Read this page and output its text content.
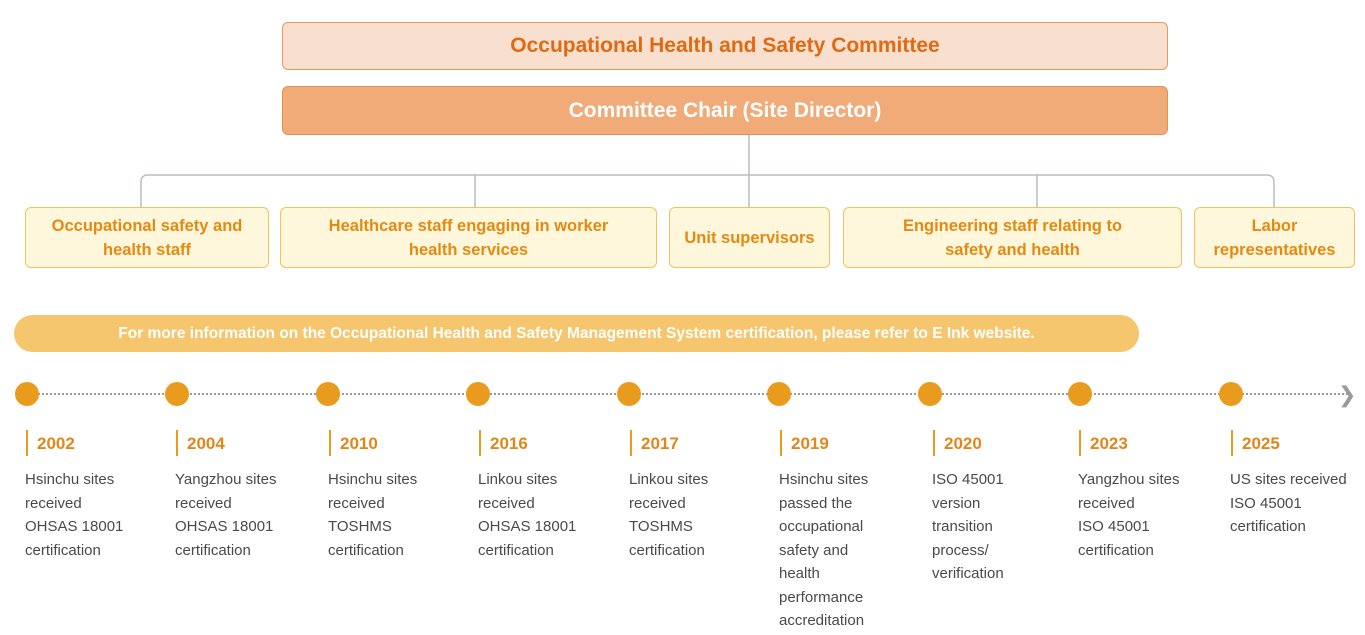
Occupational Health and Safety Committee
Committee Chair (Site Director)
Occupational safety and
health staff
Healthcare staff engaging in worker
health services
Unit supervisors
Engineering staff relating to
safety and health
Labor
representatives
For more information on the Occupational Health and Safety Management System certification, please refer to E Ink website.
❯
2002
Hsinchu sites
received
OHSAS 18001
certification
2004
Yangzhou sites
received
OHSAS 18001
certification
2010
Hsinchu sites
received
TOSHMS
certification
2016
Linkou sites
received
OHSAS 18001
certification
2017
Linkou sites
received
TOSHMS
certification
2019
Hsinchu sites
passed the
occupational
safety and
health
performance
accreditation
2020
ISO 45001
version
transition
process/
verification
2023
Yangzhou sites
received
ISO 45001
certification
2025
US sites received
ISO 45001
certification
